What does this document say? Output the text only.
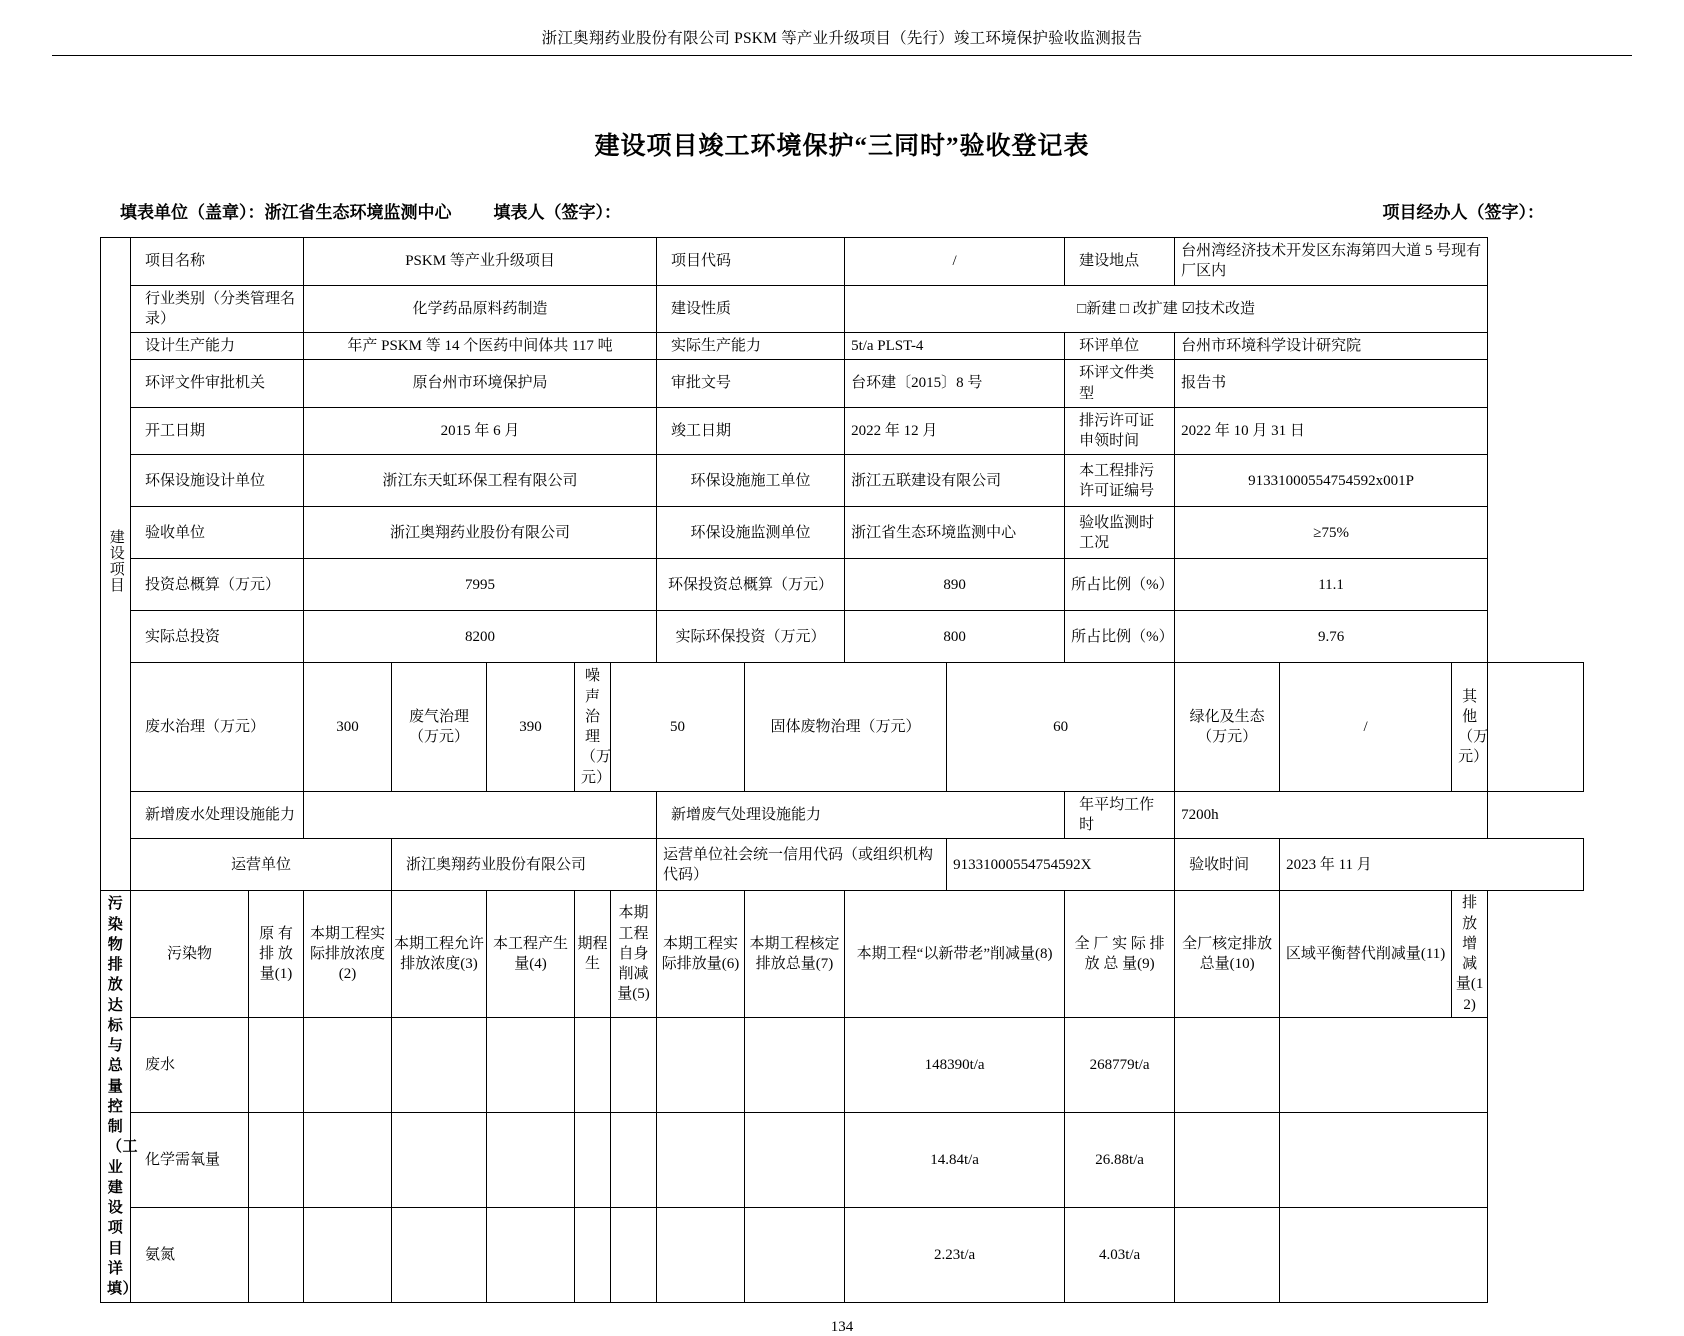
浙江奥翔药业股份有限公司 PSKM 等产业升级项目（先行）竣工环境保护验收监测报告
建设项目竣工环境保护“三同时”验收登记表
填表单位（盖章）： 浙江省生态环境监测中心 填表人（签字）：	项目经办人（签字）：
建设项目	项目名称		PSKM 等产业升级项目					项目代码		/		建设地点	台州湾经济技术开发区东海第四大道 5 号现有厂区内			
	行业类别（分类管理名录）		化学药品原料药制造					建设性质		□新建 □ 改扩建 ☑技术改造						
	设计生产能力		年产 PSKM 等 14 个医药中间体共 117 吨					实际生产能力		5t/a PLST-4		环评单位	台州市环境科学设计研究院			
	环评文件审批机关		原台州市环境保护局					审批文号		台环建〔2015〕8 号		环评文件类型	报告书			
	开工日期		2015 年 6 月					竣工日期		2022 年 12 月		排污许可证申领时间	2022 年 10 月 31 日			
	环保设施设计单位		浙江东天虹环保工程有限公司					环保设施施工单位		浙江五联建设有限公司		本工程排污许可证编号	91331000554754592x001P			
	验收单位		浙江奥翔药业股份有限公司					环保设施监测单位		浙江省生态环境监测中心		验收监测时工况	≥75%			
	投资总概算（万元）		7995					环保投资总概算（万元）		890		所占比例（%）	11.1			
	实际总投资		8200					实际环保投资（万元）		800		所占比例（%）	9.76			
	废水治理（万元）		300	废气治理（万元）	390	噪声治理（万元）	50		固体废物治理（万元）		60		绿化及生态（万元）	/	其他（万元）	
	新增废水处理设施能力							新增废气处理设施能力				年平均工作时	7200h			
	运营单位			浙江奥翔药业股份有限公司				运营单位社会统一信用代码（或组织机构代码）			91331000554754592X		验收时间	2023 年 11 月		
污染物排放达标与总量控制（工业建设项目详填）	污染物	原 有 排 放 量(1)	本期工程实际排放浓度(2)	本期工程允许排放浓度(3)	本工程产生量(4)	期程生	本期工程自身削减量(5)	本期工程实际排放量(6)	本期工程核定排放总量(7)	本期工程“以新带老”削减量(8)		全 厂 实 际 排 放 总 量(9)	全厂核定排放总量(10)	区域平衡替代削减量(11)	排 放 增 减 量(12)	
	废水									148390t/a		268779t/a				
	化学需氧量									14.84t/a		26.88t/a				
	氨氮									2.23t/a		4.03t/a				
134
